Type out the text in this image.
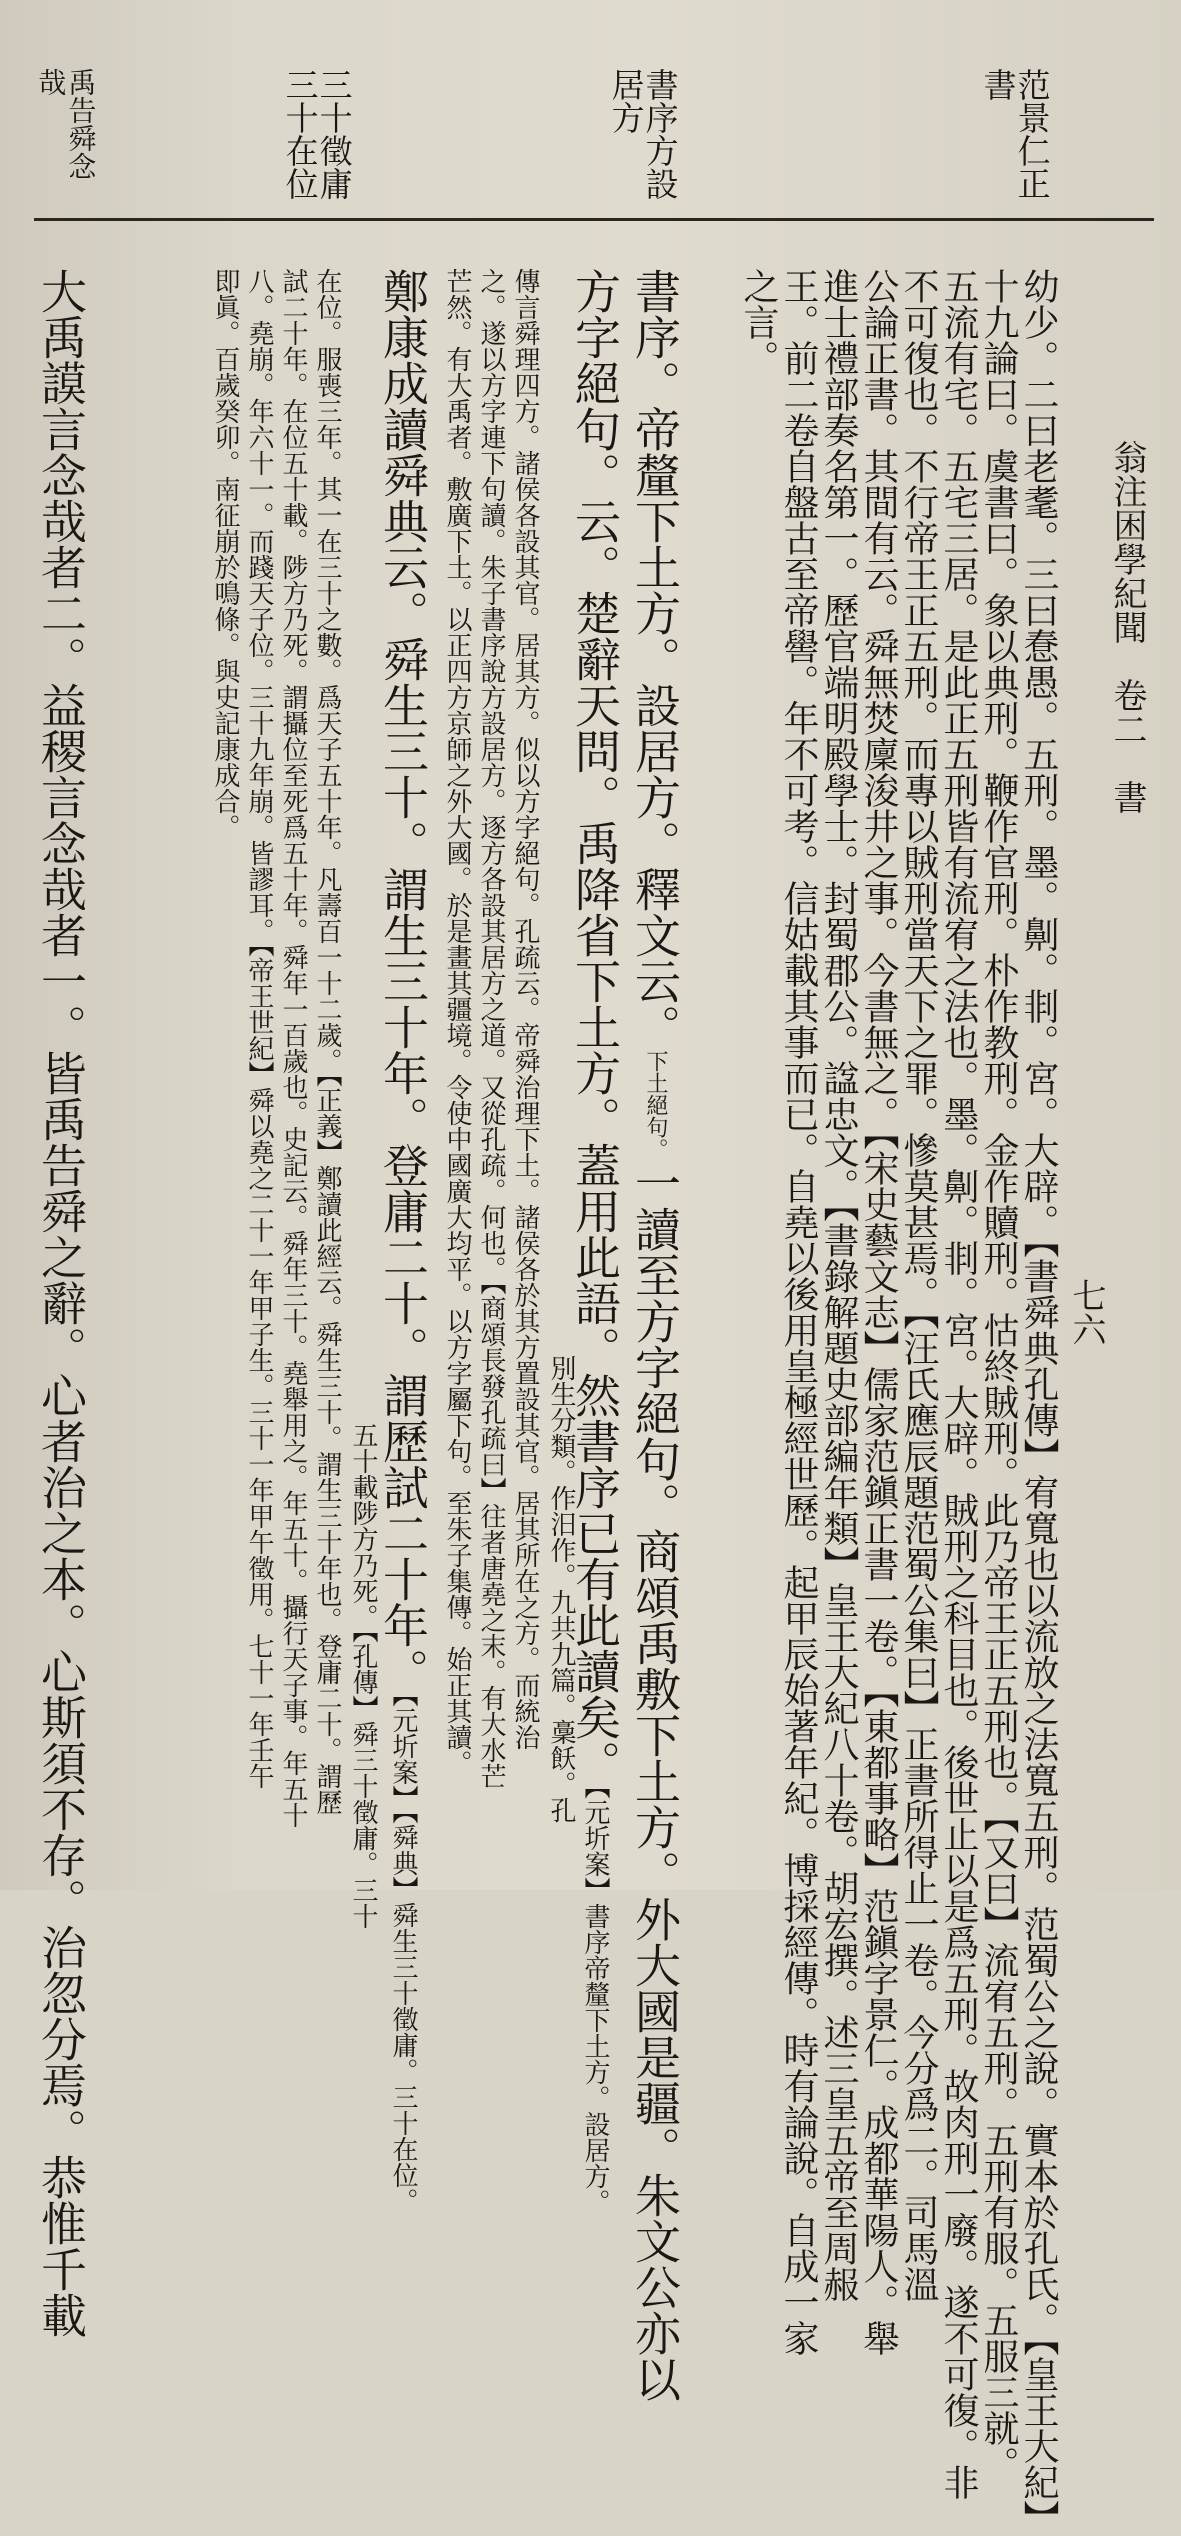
翁注困學紀聞　卷二　書
七六
范景仁正
書
書序方設
居方
三十徵庸
三十在位
禹告舜念
哉
幼少。二曰老耄。三曰惷愚。五刑。墨。劓。剕。宮。大辟。【書舜典孔傳】宥寬也以流放之法寬五刑。范蜀公之說。實本於孔氏。【皇王大紀】
十九論曰。虞書曰。象以典刑。鞭作官刑。朴作教刑。金作贖刑。怙終賊刑。此乃帝王正五刑也。【又曰】流宥五刑。五刑有服。五服三就。
五流有宅。五宅三居。是此正五刑皆有流宥之法也。墨。劓。剕。宮。大辟。賊刑之科目也。後世止以是爲五刑。故肉刑一廢。遂不可復。非
不可復也。不行帝王正五刑。而專以賊刑當天下之罪。慘莫甚焉。【汪氏應辰題范蜀公集曰】正書所得止一卷。今分爲二。司馬溫
公論正書。其間有云。舜無焚廩浚井之事。今書無之。【宋史藝文志】儒家范鎭正書一卷。【東都事略】范鎭字景仁。成都華陽人。舉
進士禮部奏名第一。歷官端明殿學士。封蜀郡公。諡忠文。【書錄解題史部編年類】皇王大紀八十卷。胡宏撰。述三皇五帝至周赧
王。前二卷自盤古至帝嚳。年不可考。信姑載其事而已。自堯以後用皇極經世歷。起甲辰始著年紀。博採經傳。時有論說。自成一家
之言。
書序。帝釐下土方。設居方。釋文云。下土絕句。一讀至方字絕句。商頌禹敷下土方。外大國是疆。朱文公亦以
方字絕句。云。楚辭天問。禹降省下土方。蓋用此語。然書序已有此讀矣。【元圻案】書序帝釐下土方。設居方。
別生分類。作汨作。九共九篇。稾飫。孔
傳言舜理四方。諸侯各設其官。居其方。似以方字絕句。孔疏云。帝舜治理下土。諸侯各於其方置設其官。居其所在之方。而統治
之。遂以方字連下句讀。朱子書序說方設居方。逐方各設其居方之道。又從孔疏。何也。【商頌長發孔疏曰】往者唐堯之末。有大水芒
芒然。有大禹者。敷廣下土。以正四方京師之外大國。於是畫其疆境。令使中國廣大均平。以方字屬下句。至朱子集傳。始正其讀。
鄭康成讀舜典云。舜生三十。謂生三十年。登庸二十。謂歷試二十年。【元圻案】【舜典】舜生三十徵庸。三十在位。
五十載陟方乃死。【孔傳】舜三十徵庸。三十
在位。服喪三年。其一在三十之數。爲天子五十年。凡壽百一十二歲。【正義】鄭讀此經云。舜生三十。謂生三十年也。登庸二十。謂歷
試二十年。在位五十載。陟方乃死。謂攝位至死爲五十年。舜年一百歲也。史記云。舜年三十。堯舉用之。年五十。攝行天子事。年五十
八。堯崩。年六十一。而踐天子位。三十九年崩。皆謬耳。【帝王世紀】舜以堯之二十一年甲子生。三十一年甲午徵用。七十一年壬午
即眞。百歲癸卯。南征崩於鳴條。與史記康成合。
大禹謨言念哉者二。益稷言念哉者一。皆禹告舜之辭。心者治之本。心斯須不存。治忽分焉。恭惟千載
